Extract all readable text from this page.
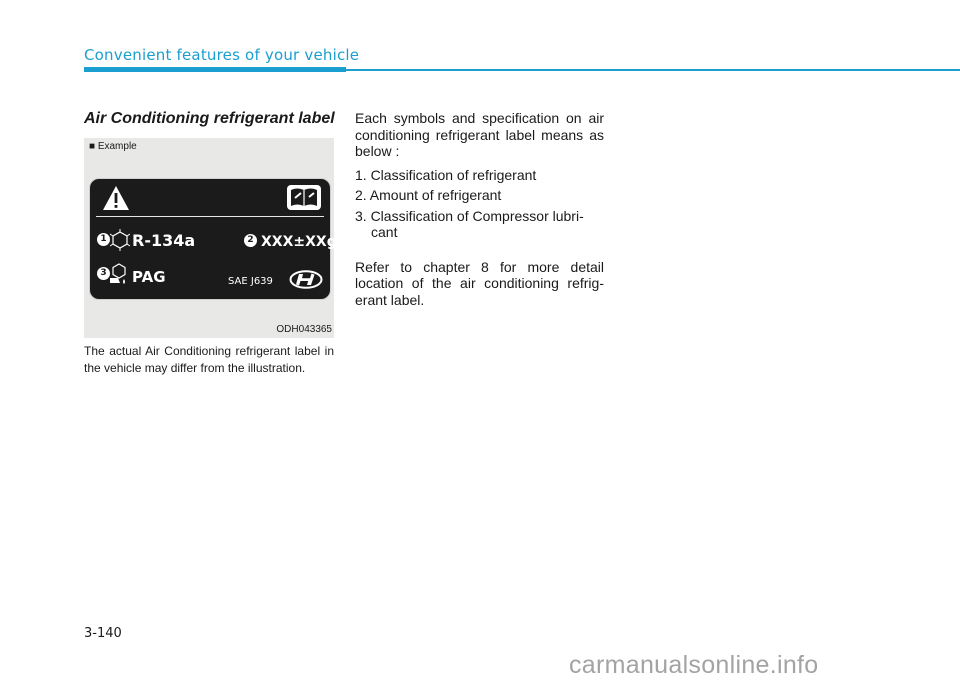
Convenient features of your vehicle
Air Conditioning refrigerant label
■ Example
1 R-134a	2 XXX±XXg
3 PAG	SAE J639
ODH043365

The actual Air Conditioning refrigerant label in the vehicle may differ from the illustration.

Each symbols and specification on air conditioning refrigerant label means as below :

1. Classification of refrigerant
2. Amount of refrigerant
3. Classification of Compressor lubri-cant

Refer to chapter 8 for more detail location of the air conditioning refrig-erant label.

3-140

carmanualsonline.info
